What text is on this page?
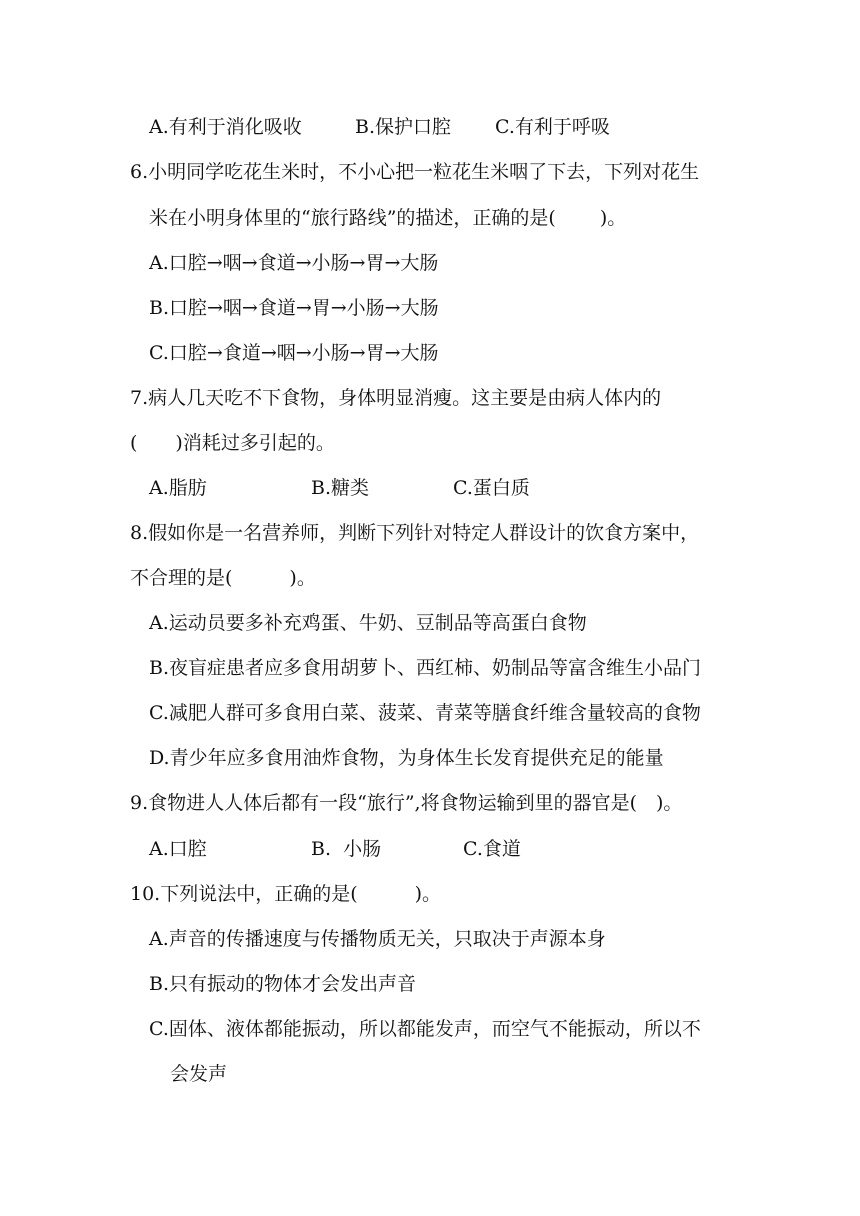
A.有利于消化吸收

	B.保护口腔

C.有利于呼吸

6.小明同学吃花生米时，不小心把一粒花生米咽了下去，下列对花生
米在小明身体里的“旅行路线”的描述，正确的是(　　 )。
A.口腔→咽→食道→小肠→胃→大肠
B.口腔→咽→食道→胃→小肠→大肠
C.口腔→食道→咽→小肠→胃→大肠
7.病人几天吃不下食物，身体明显消瘦。这主要是由病人体内的
(　　)消耗过多引起的。

A.脂肪

	B.糖类

	C.蛋白质

8.假如你是一名营养师，判断下列针对特定人群设计的饮食方案中，
不合理的是(　　　)。
A.运动员要多补充鸡蛋、牛奶、豆制品等高蛋白食物
B.夜盲症患者应多食用胡萝卜、西红柿、奶制品等富含维生小品门
C.减肥人群可多食用白菜、菠菜、青菜等膳食纤维含量较高的食物
D.青少年应多食用油炸食物，为身体生长发育提供充足的能量
9.食物进人人体后都有一段“旅行”,将食物运输到里的器官是(　)。

A.口腔

	B.  小肠

	C.食道

10.下列说法中，正确的是(　　　)。
A.声音的传播速度与传播物质无关，只取决于声源本身
B.只有振动的物体才会发出声音
C.固体、液体都能振动，所以都能发声，而空气不能振动，所以不
会发声
